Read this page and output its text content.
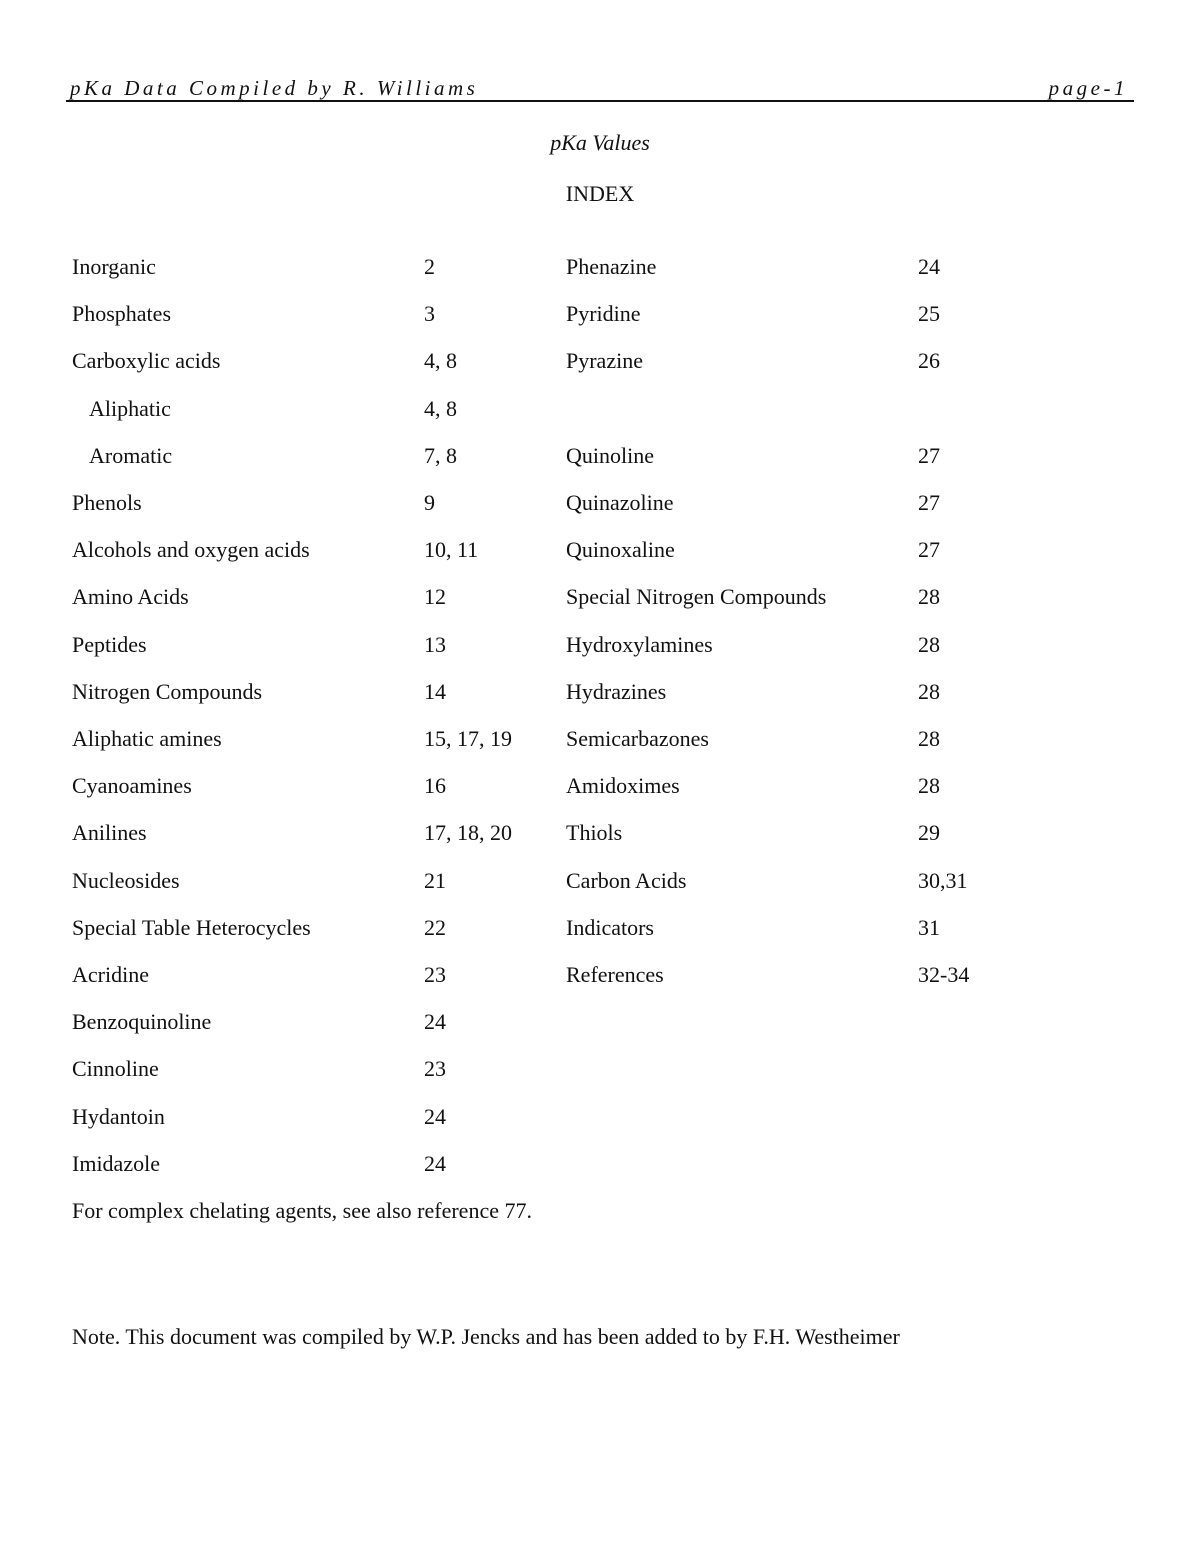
pKa Data Compiled by R. Williams	page-1
pKa Values
INDEX
Inorganic	2
Phosphates	3
Carboxylic acids	4, 8
Aliphatic	4, 8
Aromatic	7, 8
Phenols	9
Alcohols and oxygen acids	10, 11
Amino Acids	12
Peptides	13
Nitrogen Compounds	14
Aliphatic amines	15, 17, 19
Cyanoamines	16
Anilines	17, 18, 20
Nucleosides	21
Special Table Heterocycles	22
Acridine	23
Benzoquinoline	24
Cinnoline	23
Hydantoin	24
Imidazole	24
Phenazine	24
Pyridine	25
Pyrazine	26
Quinoline	27
Quinazoline	27
Quinoxaline	27
Special Nitrogen Compounds	28
Hydroxylamines	28
Hydrazines	28
Semicarbazones	28
Amidoximes	28
Thiols	29
Carbon Acids	30,31
Indicators	31
References	32-34
For complex chelating agents, see also reference 77.
Note. This document was compiled by W.P. Jencks and has been added to by F.H. Westheimer
